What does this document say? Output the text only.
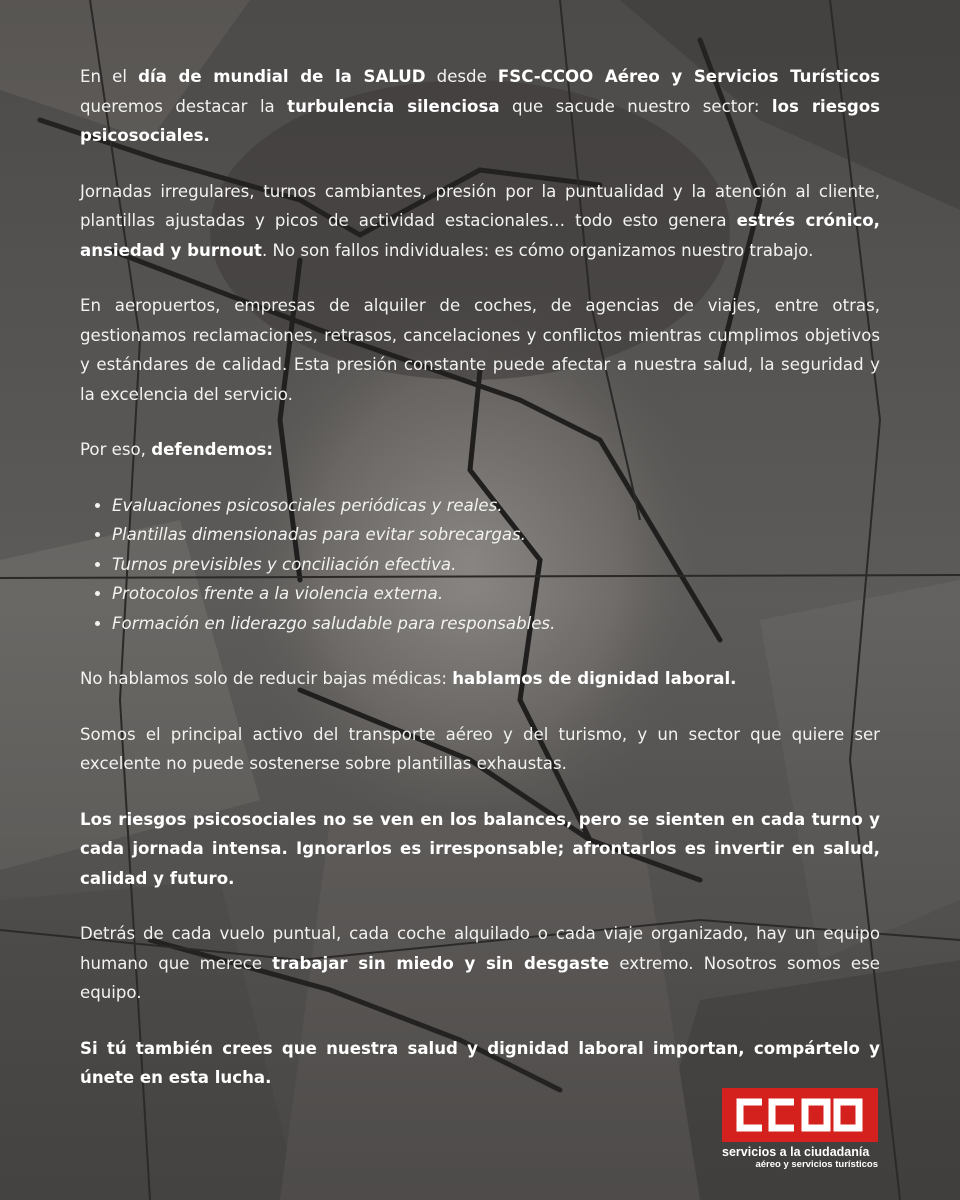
En el día de mundial de la SALUD desde FSC-CCOO Aéreo y Servicios Turísticos queremos destacar la turbulencia silenciosa que sacude nuestro sector: los riesgos psicosociales.

Jornadas irregulares, turnos cambiantes, presión por la puntualidad y la atención al cliente, plantillas ajustadas y picos de actividad estacionales… todo esto genera estrés crónico, ansiedad y burnout. No son fallos individuales: es cómo organizamos nuestro trabajo.

En aeropuertos, empresas de alquiler de coches, de agencias de viajes, entre otras, gestionamos reclamaciones, retrasos, cancelaciones y conflictos mientras cumplimos objetivos y estándares de calidad. Esta presión constante puede afectar a nuestra salud, la seguridad y la excelencia del servicio.

Por eso, defendemos:

• Evaluaciones psicosociales periódicas y reales.
• Plantillas dimensionadas para evitar sobrecargas.
• Turnos previsibles y conciliación efectiva.
• Protocolos frente a la violencia externa.
• Formación en liderazgo saludable para responsables.

No hablamos solo de reducir bajas médicas: hablamos de dignidad laboral.

Somos el principal activo del transporte aéreo y del turismo, y un sector que quiere ser excelente no puede sostenerse sobre plantillas exhaustas.

Los riesgos psicosociales no se ven en los balances, pero se sienten en cada turno y cada jornada intensa. Ignorarlos es irresponsable; afrontarlos es invertir en salud, calidad y futuro.

Detrás de cada vuelo puntual, cada coche alquilado o cada viaje organizado, hay un equipo humano que merece trabajar sin miedo y sin desgaste extremo. Nosotros somos ese equipo.

Si tú también crees que nuestra salud y dignidad laboral importan, compártelo y únete en esta lucha.

servicios a la ciudadanía
aéreo y servicios turísticos
